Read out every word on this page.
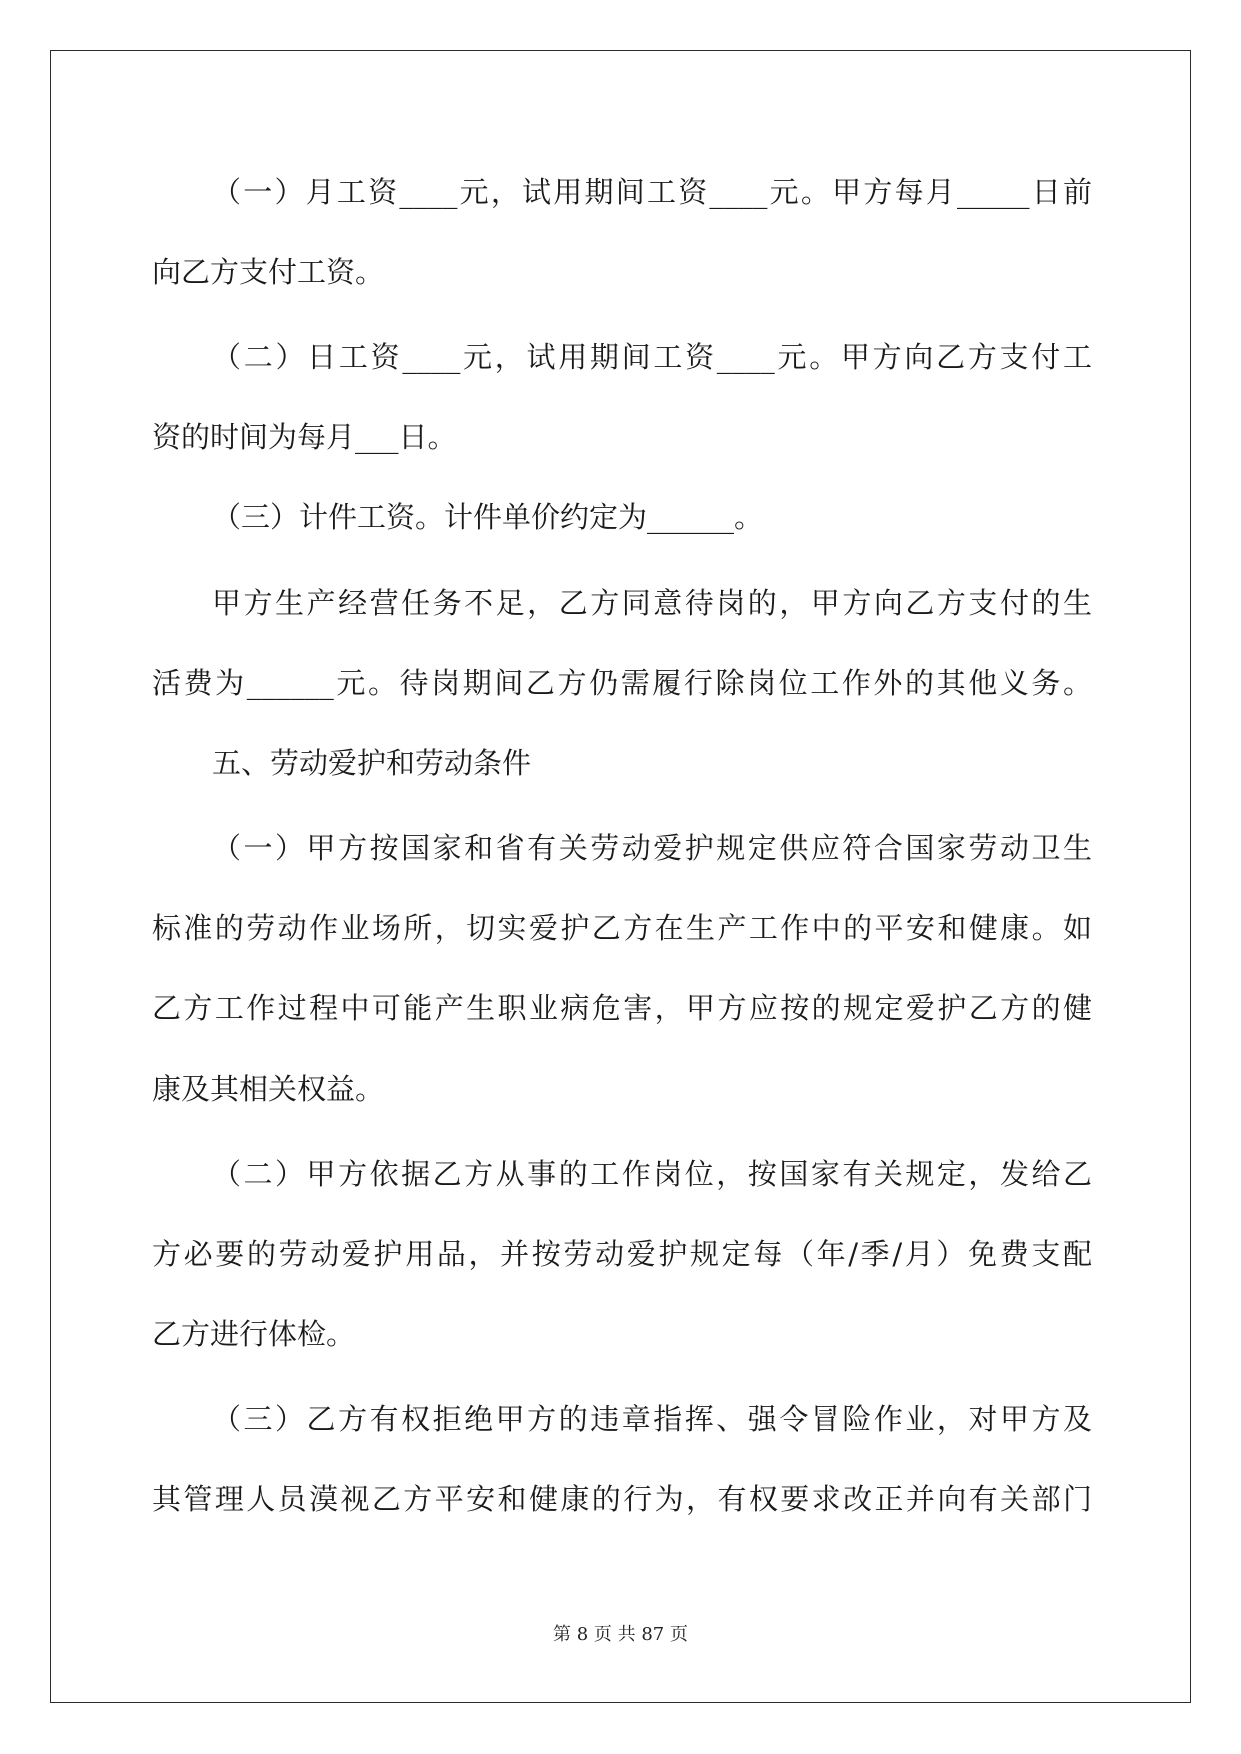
（一）月工资____元，试用期间工资____元。甲方每月_____日前
向乙方支付工资。
（二）日工资____元，试用期间工资____元。甲方向乙方支付工
资的时间为每月___日。
（三）计件工资。计件单价约定为______。
甲方生产经营任务不足，乙方同意待岗的，甲方向乙方支付的生
活费为______元。待岗期间乙方仍需履行除岗位工作外的其他义务。
五、劳动爱护和劳动条件
（一）甲方按国家和省有关劳动爱护规定供应符合国家劳动卫生
标准的劳动作业场所，切实爱护乙方在生产工作中的平安和健康。如
乙方工作过程中可能产生职业病危害，甲方应按的规定爱护乙方的健
康及其相关权益。
（二）甲方依据乙方从事的工作岗位，按国家有关规定，发给乙
方必要的劳动爱护用品，并按劳动爱护规定每（年/季/月）免费支配
乙方进行体检。
（三）乙方有权拒绝甲方的违章指挥、强令冒险作业，对甲方及
其管理人员漠视乙方平安和健康的行为，有权要求改正并向有关部门
第 8 页 共 87 页
